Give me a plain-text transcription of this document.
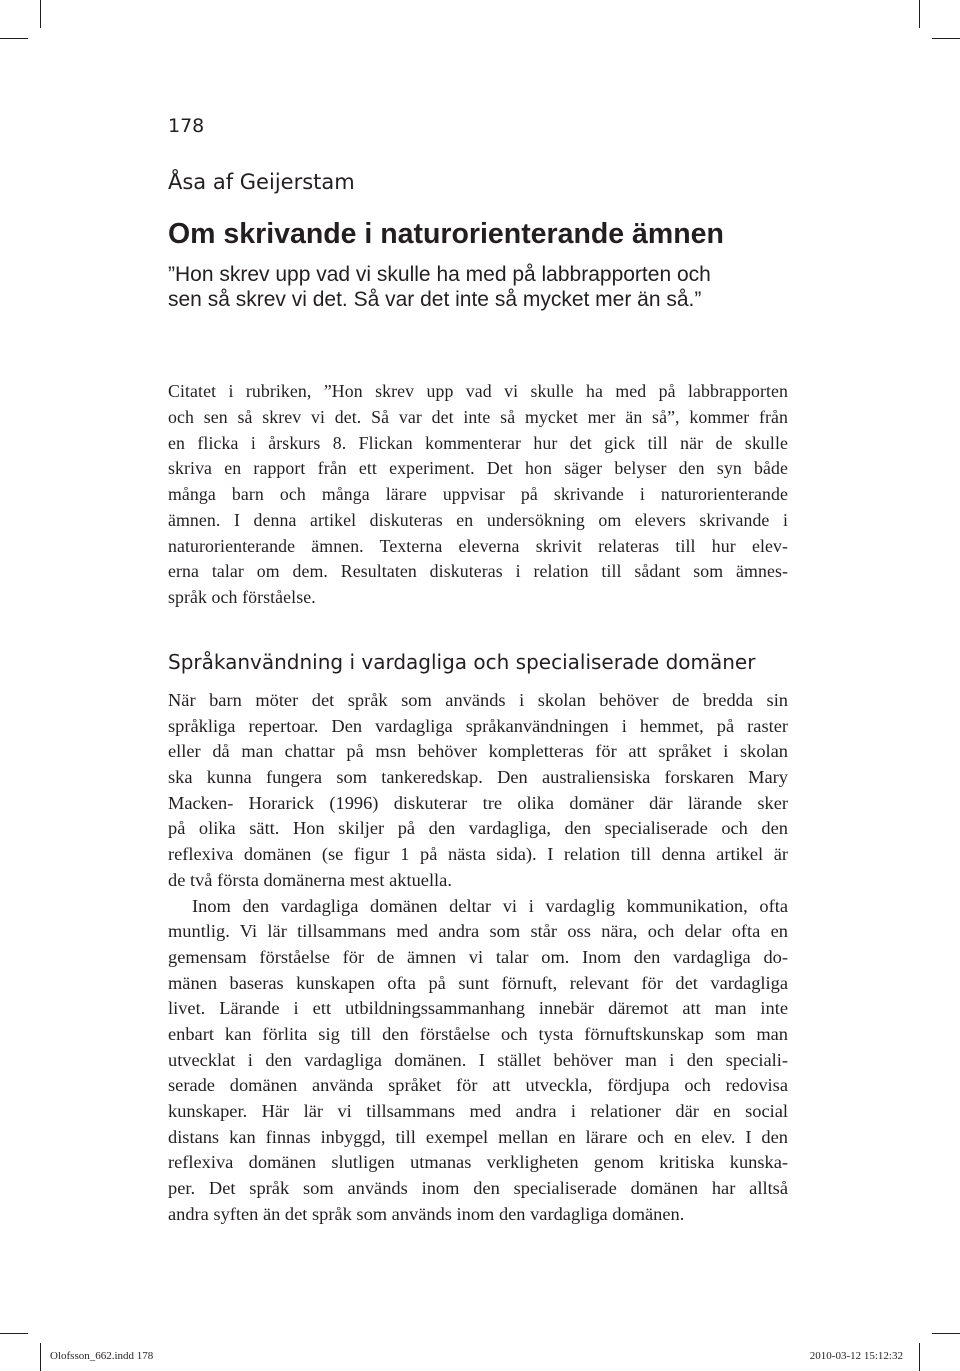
178
Åsa af Geijerstam
Om skrivande i naturorienterande ämnen
”Hon skrev upp vad vi skulle ha med på labbrapporten och
sen så skrev vi det. Så var det inte så mycket mer än så.”
Citatet i rubriken, ”Hon skrev upp vad vi skulle ha med på labbrapporten
och sen så skrev vi det. Så var det inte så mycket mer än så”, kommer från
en flicka i årskurs 8. Flickan kommenterar hur det gick till när de skulle
skriva en rapport från ett experiment. Det hon säger belyser den syn både
många barn och många lärare uppvisar på skrivande i naturorienterande
ämnen. I denna artikel diskuteras en undersökning om elevers skrivande i
naturorienterande ämnen. Texterna eleverna skrivit relateras till hur elev-
erna talar om dem. Resultaten diskuteras i relation till sådant som ämnes-
språk och förståelse.
Språkanvändning i vardagliga och specialiserade domäner
När barn möter det språk som används i skolan behöver de bredda sin
språkliga repertoar. Den vardagliga språkanvändningen i hemmet, på raster
eller då man chattar på msn behöver kompletteras för att språket i skolan
ska kunna fungera som tankeredskap. Den australiensiska forskaren Mary
Macken- Horarick (1996) diskuterar tre olika domäner där lärande sker
på olika sätt. Hon skiljer på den vardagliga, den specialiserade och den
reflexiva domänen (se figur 1 på nästa sida). I relation till denna artikel är
de två första domänerna mest aktuella.
Inom den vardagliga domänen deltar vi i vardaglig kommunikation, ofta
muntlig. Vi lär tillsammans med andra som står oss nära, och delar ofta en
gemensam förståelse för de ämnen vi talar om. Inom den vardagliga do-
mänen baseras kunskapen ofta på sunt förnuft, relevant för det vardagliga
livet. Lärande i ett utbildningssammanhang innebär däremot att man inte
enbart kan förlita sig till den förståelse och tysta förnuftskunskap som man
utvecklat i den vardagliga domänen. I stället behöver man i den speciali-
serade domänen använda språket för att utveckla, fördjupa och redovisa
kunskaper. Här lär vi tillsammans med andra i relationer där en social
distans kan finnas inbyggd, till exempel mellan en lärare och en elev. I den
reflexiva domänen slutligen utmanas verkligheten genom kritiska kunska-
per. Det språk som används inom den specialiserade domänen har alltså
andra syften än det språk som används inom den vardagliga domänen.
Olofsson_662.indd 178	2010-03-12 15:12:32
